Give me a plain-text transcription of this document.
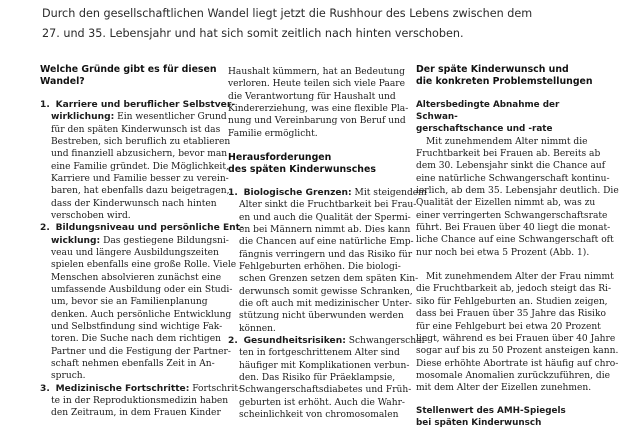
Durch den gesellschaftlichen Wandel liegt jetzt die Rushhour des Lebens zwischen dem
27. und 35. Lebensjahr und hat sich somit zeitlich nach hinten verschoben.
Welche Gründe gibt es für diesen
Wandel?
1. Karriere und beruflicher Selbstver-
wirklichung: Ein wesentlicher Grund
für den späten Kinderwunsch ist das
Bestreben, sich beruflich zu etablieren
und finanziell abzusichern, bevor man
eine Familie gründet. Die Möglichkeit,
Karriere und Familie besser zu verein-
baren, hat ebenfalls dazu beigetragen,
dass der Kinderwunsch nach hinten
verschoben wird.
2. Bildungsniveau und persönliche Ent-
wicklung: Das gestiegene Bildungsni-
veau und längere Ausbildungszeiten
spielen ebenfalls eine große Rolle. Viele
Menschen absolvieren zunächst eine
umfassende Ausbildung oder ein Studi-
um, bevor sie an Familienplanung
denken. Auch persönliche Entwicklung
und Selbstfindung sind wichtige Fak-
toren. Die Suche nach dem richtigen
Partner und die Festigung der Partner-
schaft nehmen ebenfalls Zeit in An-
spruch.
3. Medizinische Fortschritte: Fortschrit-
te in der Reproduktionsmedizin haben
den Zeitraum, in dem Frauen Kinder
Haushalt kümmern, hat an Bedeutung
verloren. Heute teilen sich viele Paare
die Verantwortung für Haushalt und
Kindererziehung, was eine flexible Pla-
nung und Vereinbarung von Beruf und
Familie ermöglicht.
Herausforderungen
des späten Kinderwunsches
1. Biologische Grenzen: Mit steigendem
Alter sinkt die Fruchtbarkeit bei Frau-
en und auch die Qualität der Spermi-
en bei Männern nimmt ab. Dies kann
die Chancen auf eine natürliche Emp-
fängnis verringern und das Risiko für
Fehlgeburten erhöhen. Die biologi-
schen Grenzen setzen dem späten Kin-
derwunsch somit gewisse Schranken,
die oft auch mit medizinischer Unter-
stützung nicht überwunden werden
können.
2. Gesundheitsrisiken: Schwangerschaf-
ten in fortgeschrittenem Alter sind
häufiger mit Komplikationen verbun-
den. Das Risiko für Präeklampsie,
Schwangerschaftsdiabetes und Früh-
geburten ist erhöht. Auch die Wahr-
scheinlichkeit von chromosomalen
Der späte Kinderwunsch und
die konkreten Problemstellungen
Altersbedingte Abnahme der Schwan-
gerschaftschance und -rate
Mit zunehmendem Alter nimmt die
Fruchtbarkeit bei Frauen ab. Bereits ab
dem 30. Lebensjahr sinkt die Chance auf
eine natürliche Schwangerschaft kontinu-
ierlich, ab dem 35. Lebensjahr deutlich. Die
Qualität der Eizellen nimmt ab, was zu
einer verringerten Schwangerschaftsrate
führt. Bei Frauen über 40 liegt die monat-
liche Chance auf eine Schwangerschaft oft
nur noch bei etwa 5 Prozent (Abb. 1).
Mit zunehmendem Alter der Frau nimmt
die Fruchtbarkeit ab, jedoch steigt das Ri-
siko für Fehlgeburten an. Studien zeigen,
dass bei Frauen über 35 Jahre das Risiko
für eine Fehlgeburt bei etwa 20 Prozent
liegt, während es bei Frauen über 40 Jahre
sogar auf bis zu 50 Prozent ansteigen kann.
Diese erhöhte Abortrate ist häufig auf chro-
mosomale Anomalien zurückzuführen, die
mit dem Alter der Eizellen zunehmen.
Stellenwert des AMH-Spiegels
bei späten Kinderwunsch
